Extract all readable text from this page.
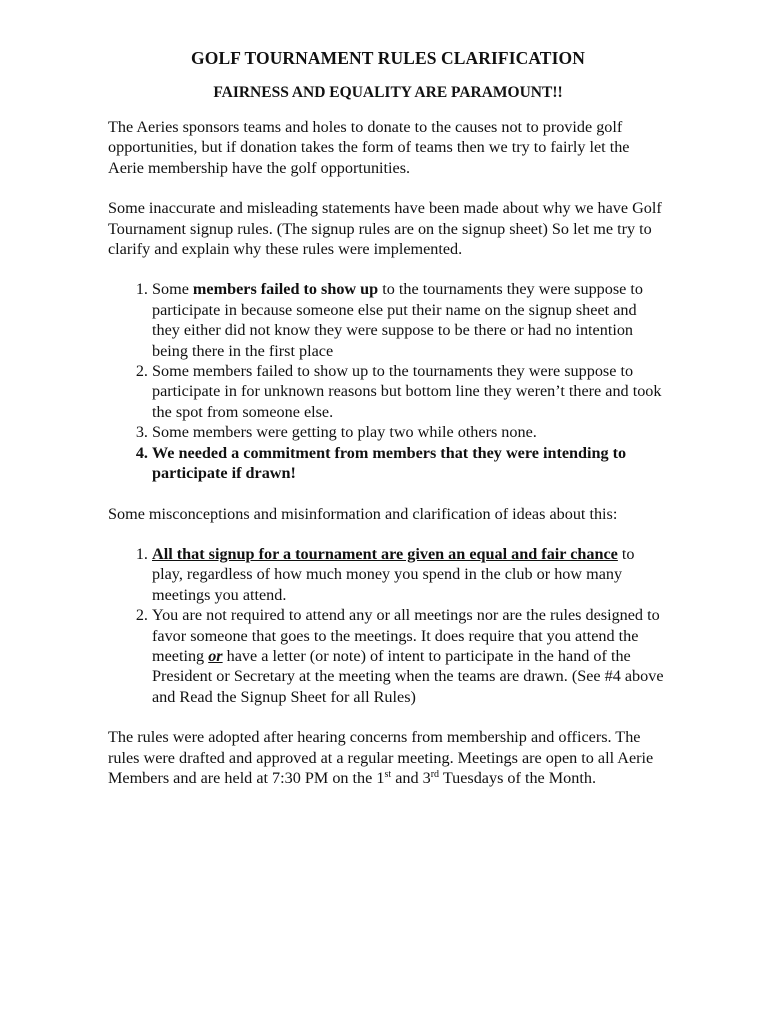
GOLF TOURNAMENT RULES CLARIFICATION
FAIRNESS AND EQUALITY ARE PARAMOUNT!!

The Aeries sponsors teams and holes to donate to the causes not to provide golf opportunities, but if donation takes the form of teams then we try to fairly let the Aerie membership have the golf opportunities.

Some inaccurate and misleading statements have been made about why we have Golf Tournament signup rules. (The signup rules are on the signup sheet) So let me try to clarify and explain why these rules were implemented.

1. Some members failed to show up to the tournaments they were suppose to participate in because someone else put their name on the signup sheet and they either did not know they were suppose to be there or had no intention being there in the first place
2. Some members failed to show up to the tournaments they were suppose to participate in for unknown reasons but bottom line they weren’t there and took the spot from someone else.
3. Some members were getting to play two while others none.
4. We needed a commitment from members that they were intending to participate if drawn!

Some misconceptions and misinformation and clarification of ideas about this:

1. All that signup for a tournament are given an equal and fair chance to play, regardless of how much money you spend in the club or how many meetings you attend.
2. You are not required to attend any or all meetings nor are the rules designed to favor someone that goes to the meetings. It does require that you attend the meeting or have a letter (or note) of intent to participate in the hand of the President or Secretary at the meeting when the teams are drawn. (See #4 above and Read the Signup Sheet for all Rules)

The rules were adopted after hearing concerns from membership and officers. The rules were drafted and approved at a regular meeting. Meetings are open to all Aerie Members and are held at 7:30 PM on the 1st and 3rd Tuesdays of the Month.
